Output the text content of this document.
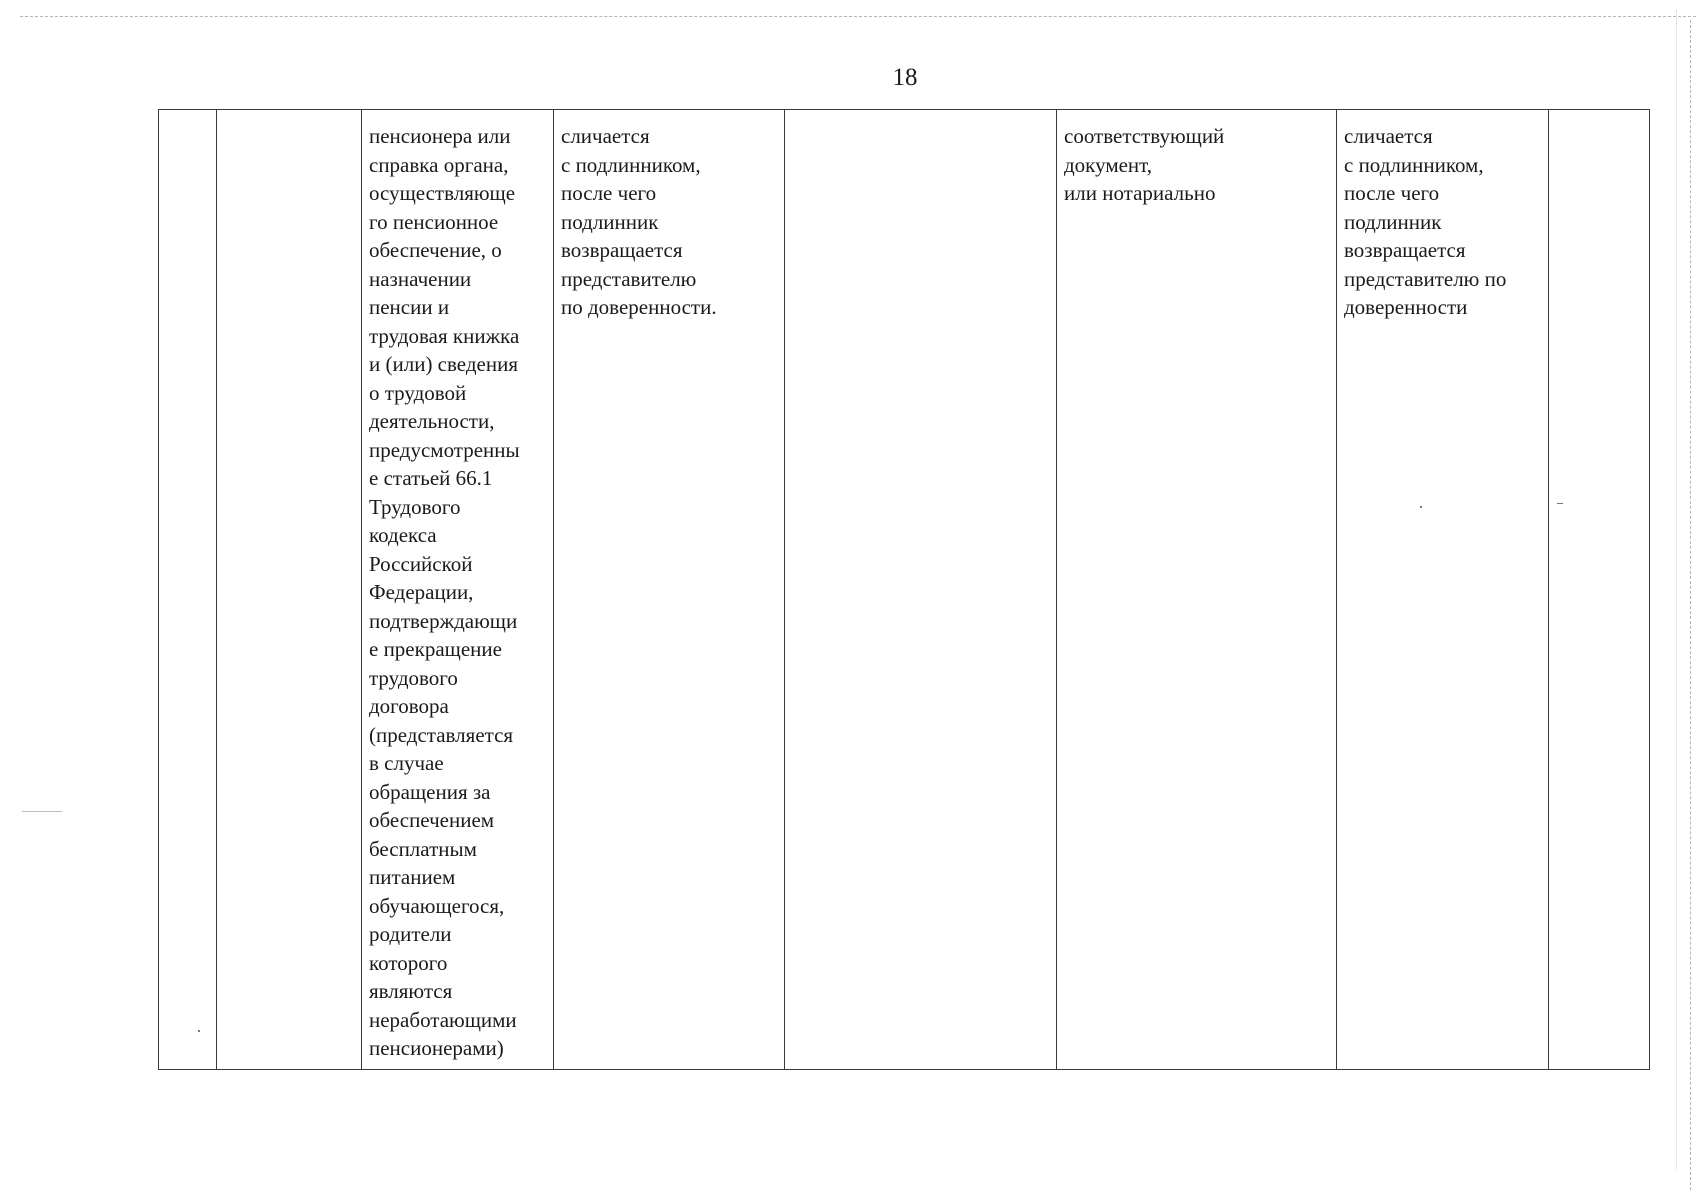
18
		пенсионера или
справка органа,
осуществляюще
го пенсионное
обеспечение, о
назначении
пенсии и
трудовая книжка
и (или) сведения
о трудовой
деятельности,
предусмотренны
е статьей 66.1
Трудового
кодекса
Российской
Федерации,
подтверждающи
е прекращение
трудового
договора
(представляется
в случае
обращения за
обеспечением
бесплатным
питанием
обучающегося,
родители
которого
являются
неработающими
пенсионерами)	сличается
с подлинником,
после чего
подлинник
возвращается
представителю
по доверенности.		соответствующий
документ,
или нотариально	сличается
с подлинником,
после чего
подлинник
возвращается
представителю по
доверенности	
